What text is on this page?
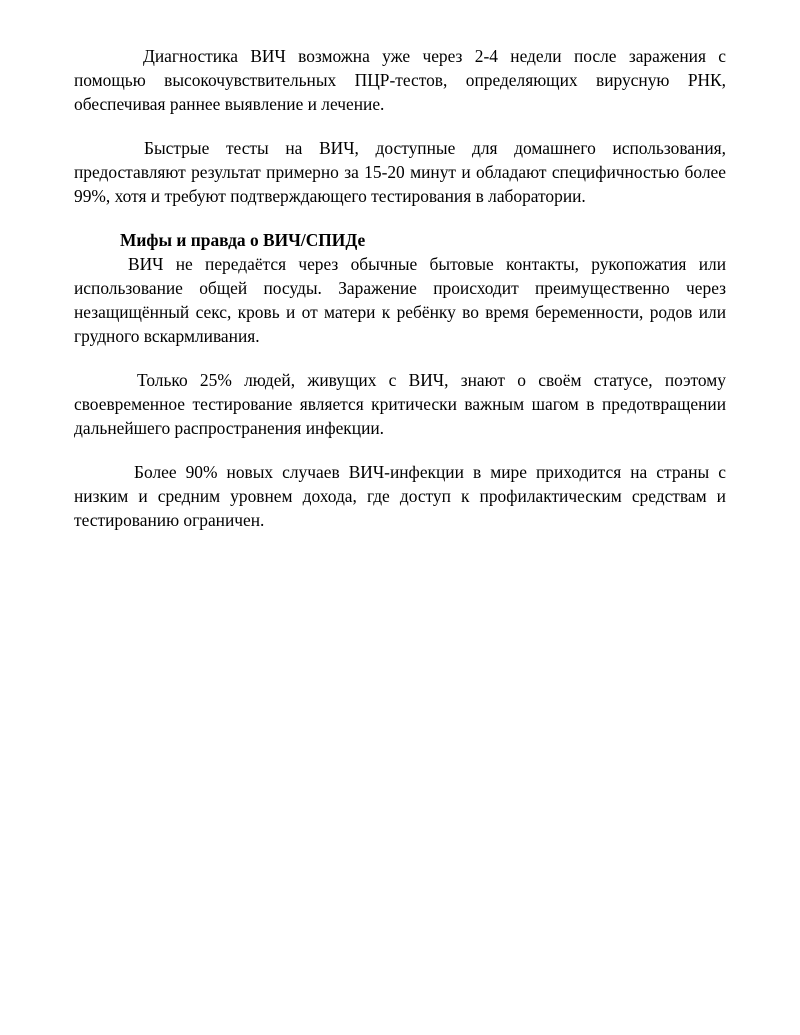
Диагностика ВИЧ возможна уже через 2-4 недели после заражения с помощью высокочувствительных ПЦР-тестов, определяющих вирусную РНК, обеспечивая раннее выявление и лечение.

Быстрые тесты на ВИЧ, доступные для домашнего использования, предоставляют результат примерно за 15-20 минут и обладают специфичностью более 99%, хотя и требуют подтверждающего тестирования в лаборатории.

Мифы и правда о ВИЧ/СПИДе

ВИЧ не передаётся через обычные бытовые контакты, рукопожатия или использование общей посуды. Заражение происходит преимущественно через незащищённый секс, кровь и от матери к ребёнку во время беременности, родов или грудного вскармливания.

Только 25% людей, живущих с ВИЧ, знают о своём статусе, поэтому своевременное тестирование является критически важным шагом в предотвращении дальнейшего распространения инфекции.

Более 90% новых случаев ВИЧ-инфекции в мире приходится на страны с низким и средним уровнем дохода, где доступ к профилактическим средствам и тестированию ограничен.
